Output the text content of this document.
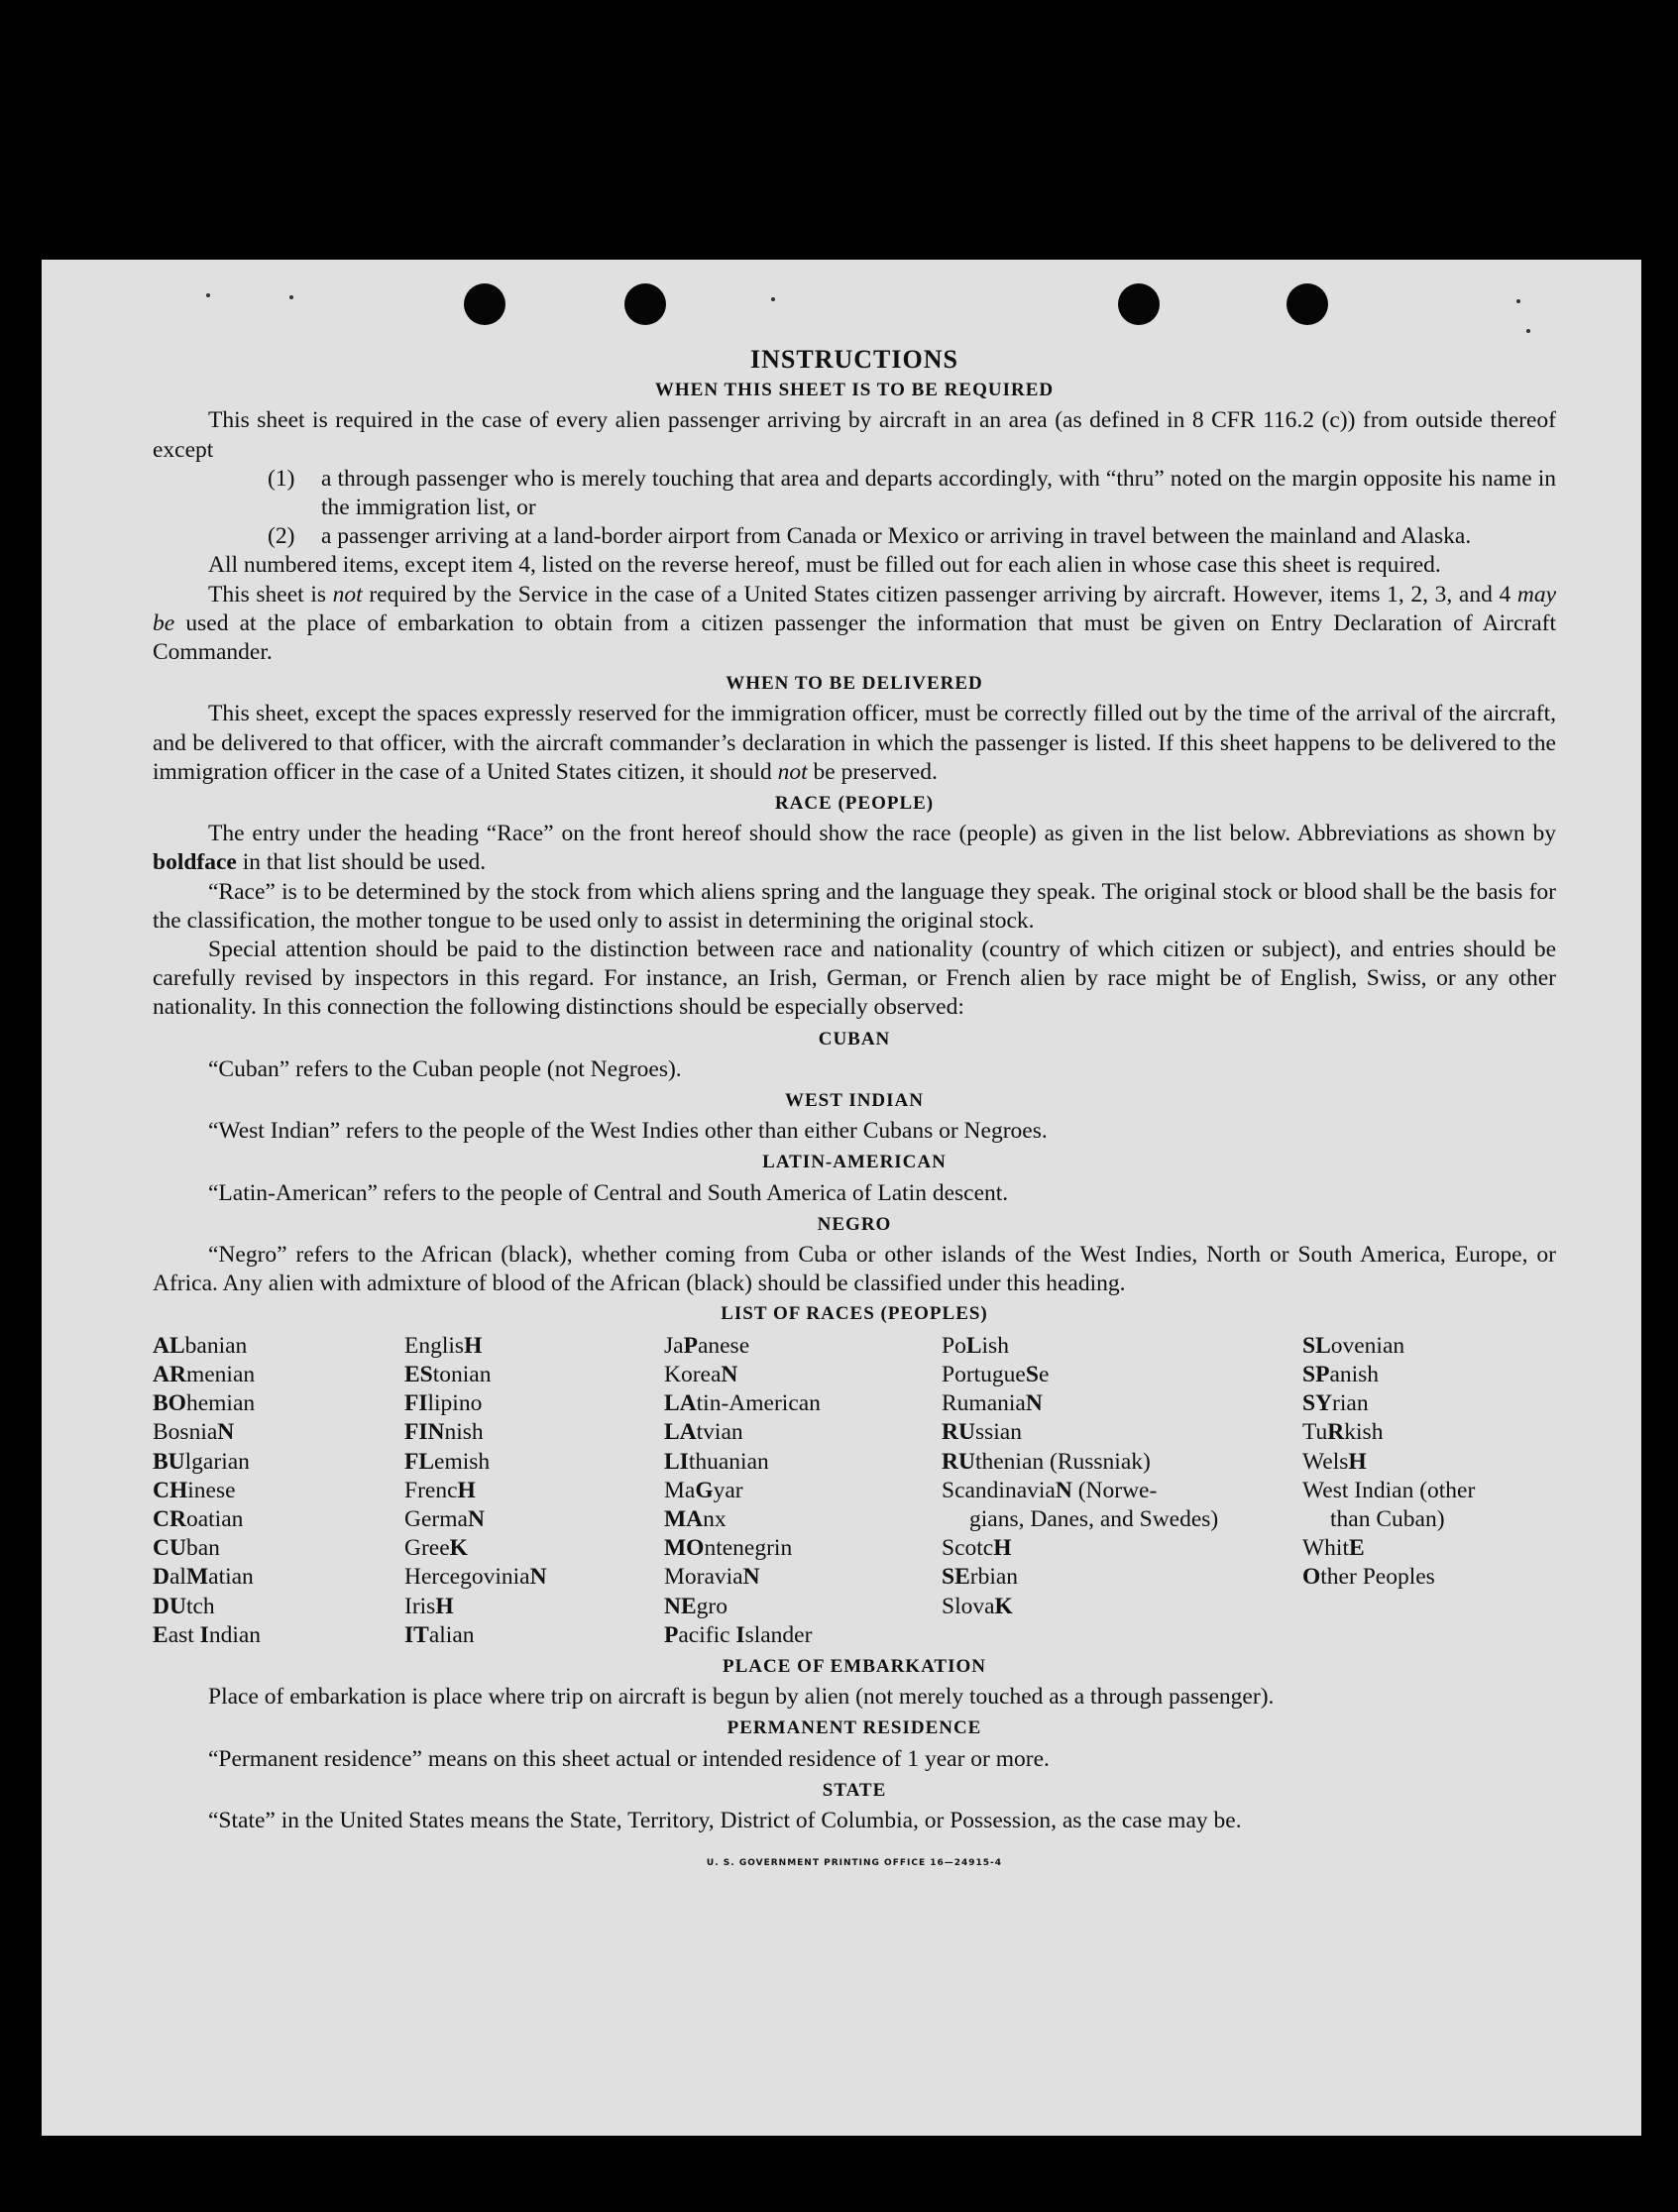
INSTRUCTIONS
WHEN THIS SHEET IS TO BE REQUIRED

This sheet is required in the case of every alien passenger arriving by aircraft in an area (as defined in 8 CFR 116.2 (c)) from outside thereof except

(1)	a through passenger who is merely touching that area and departs accordingly, with “thru” noted on the margin opposite his name in the immigration list, or
(2)	a passenger arriving at a land-border airport from Canada or Mexico or arriving in travel between the mainland and Alaska.

All numbered items, except item 4, listed on the reverse hereof, must be filled out for each alien in whose case this sheet is required.

This sheet is not required by the Service in the case of a United States citizen passenger arriving by aircraft. However, items 1, 2, 3, and 4 may be used at the place of embarkation to obtain from a citizen passenger the information that must be given on Entry Declaration of Aircraft Commander.

WHEN TO BE DELIVERED

This sheet, except the spaces expressly reserved for the immigration officer, must be correctly filled out by the time of the arrival of the aircraft, and be delivered to that officer, with the aircraft commander’s declaration in which the passenger is listed. If this sheet happens to be delivered to the immigration officer in the case of a United States citizen, it should not be preserved.

RACE (PEOPLE)

The entry under the heading “Race” on the front hereof should show the race (people) as given in the list below. Abbreviations as shown by boldface in that list should be used.

“Race” is to be determined by the stock from which aliens spring and the language they speak. The original stock or blood shall be the basis for the classification, the mother tongue to be used only to assist in determining the original stock.

Special attention should be paid to the distinction between race and nationality (country of which citizen or subject), and entries should be carefully revised by inspectors in this regard. For instance, an Irish, German, or French alien by race might be of English, Swiss, or any other nationality. In this connection the following distinctions should be especially observed:

CUBAN

“Cuban” refers to the Cuban people (not Negroes).

WEST INDIAN

“West Indian” refers to the people of the West Indies other than either Cubans or Negroes.

LATIN-AMERICAN

“Latin-American” refers to the people of Central and South America of Latin descent.

NEGRO

“Negro” refers to the African (black), whether coming from Cuba or other islands of the West Indies, North or South America, Europe, or Africa. Any alien with admixture of blood of the African (black) should be classified under this heading.

LIST OF RACES (PEOPLES)
ALbanian
ARmenian
BOhemian
BosniaN
BUlgarian
CHinese
CRoatian
CUban
DalMatian
DUtch
East Indian
EnglisH
EStonian
FIlipino
FINnish
FLemish
FrencH
GermaN
GreeK
HercegoviniaN
IrisH
ITalian
JaPanese
KoreaN
LAtin-American
LAtvian
LIthuanian
MaGyar
MAnx
MOntenegrin
MoraviaN
NEgro
Pacific Islander
PoLish
PortugueSe
RumaniaN
RUssian
RUthenian (Russniak)
ScandinaviaN (Norwe-
gians, Danes, and Swedes)
ScotcH
SErbian
SlovaK
SLovenian
SPanish
SYrian
TuRkish
WelsH
West Indian (other
than Cuban)
WhitE
Other Peoples
PLACE OF EMBARKATION

Place of embarkation is place where trip on aircraft is begun by alien (not merely touched as a through passenger).

PERMANENT RESIDENCE

“Permanent residence” means on this sheet actual or intended residence of 1 year or more.

STATE

“State” in the United States means the State, Territory, District of Columbia, or Possession, as the case may be.

U. S. GOVERNMENT PRINTING OFFICE 16—24915-4
